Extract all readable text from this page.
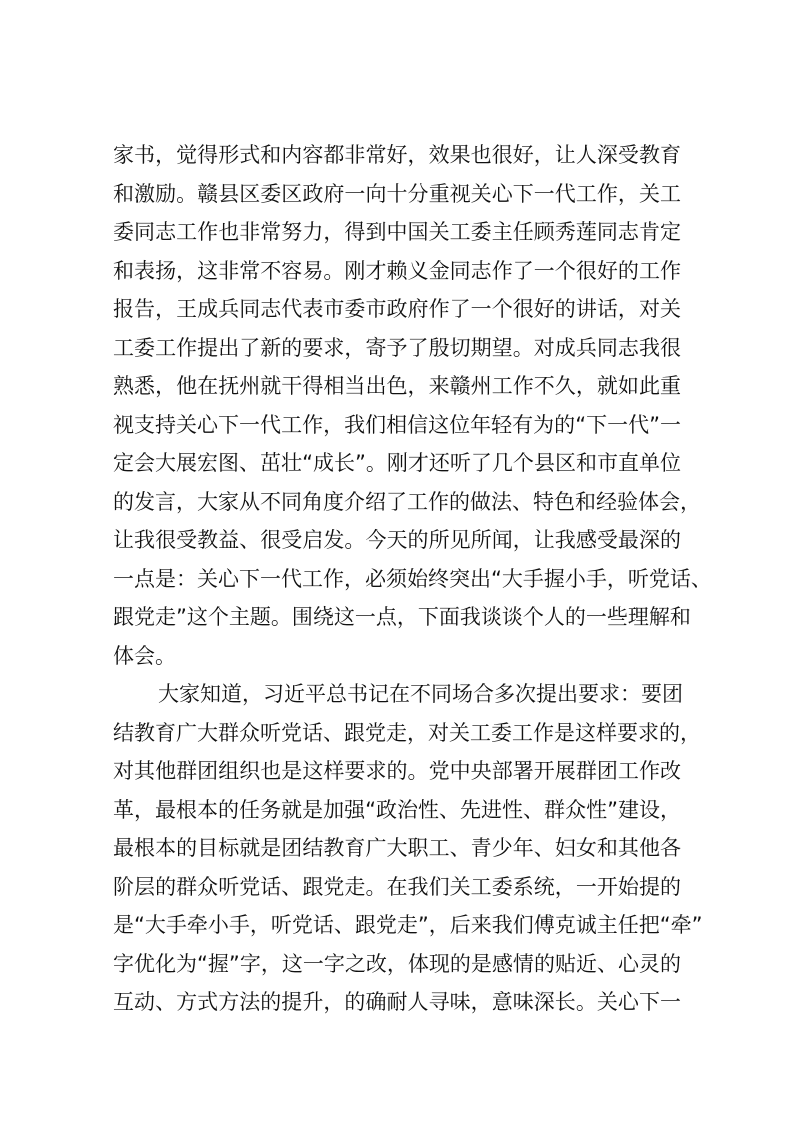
家书，觉得形式和内容都非常好，效果也很好，让人深受教育
和激励。赣县区委区政府一向十分重视关心下一代工作，关工
委同志工作也非常努力，得到中国关工委主任顾秀莲同志肯定
和表扬，这非常不容易。刚才赖义金同志作了一个很好的工作
报告，王成兵同志代表市委市政府作了一个很好的讲话，对关
工委工作提出了新的要求，寄予了殷切期望。对成兵同志我很
熟悉，他在抚州就干得相当出色，来赣州工作不久，就如此重
视支持关心下一代工作，我们相信这位年轻有为的“下一代”一
定会大展宏图、茁壮“成长”。刚才还听了几个县区和市直单位
的发言，大家从不同角度介绍了工作的做法、特色和经验体会，
让我很受教益、很受启发。今天的所见所闻，让我感受最深的
一点是：关心下一代工作，必须始终突出“大手握小手，听党话、
跟党走”这个主题。围绕这一点，下面我谈谈个人的一些理解和
体会。
大家知道，习近平总书记在不同场合多次提出要求：要团
结教育广大群众听党话、跟党走，对关工委工作是这样要求的，
对其他群团组织也是这样要求的。党中央部署开展群团工作改
革，最根本的任务就是加强“政治性、先进性、群众性”建设，
最根本的目标就是团结教育广大职工、青少年、妇女和其他各
阶层的群众听党话、跟党走。在我们关工委系统，一开始提的
是“大手牵小手，听党话、跟党走”，后来我们傅克诚主任把“牵”
字优化为“握”字，这一字之改，体现的是感情的贴近、心灵的
互动、方式方法的提升，的确耐人寻味，意味深长。关心下一
